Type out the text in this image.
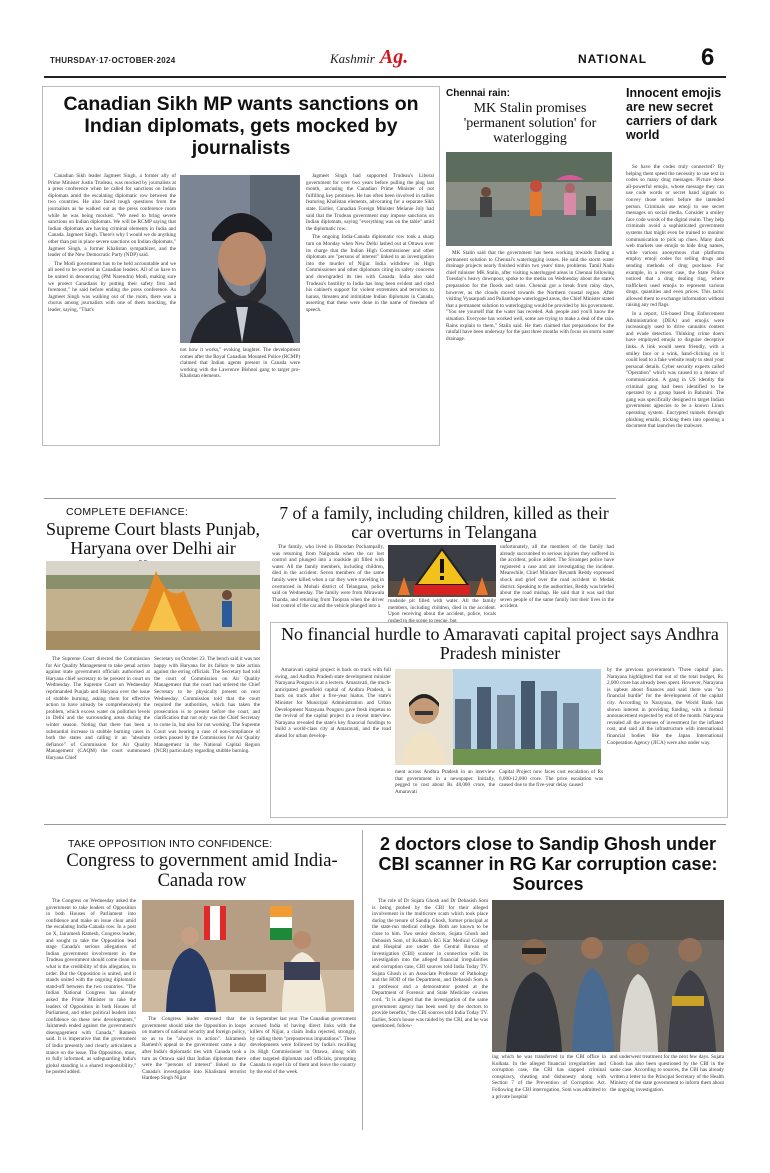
THURSDAY·17·OCTOBER·2024	Kashmir Ag.	NATIONAL 6
Canadian Sikh MP wants sanctions on Indian diplomats, gets mocked by journalists

Canadian Sikh leader Jagmeet Singh, a former ally of Prime Minister Justin Trudeau, was mocked by journalists at a press conference when he called for sanctions on Indian diplomats amid the escalating diplomatic row between the two countries. He also faced tough questions from the journalists as he walked out as the press conference room while he was being mocked. "We need to bring severe sanctions on Indian diplomats. We will be RCMP saying that Indian diplomats are having criminal elements in India and Canada. Jagmeet Singh. There's why I would we do anything other than put in place severe sanctions on Indian diplomats," Jagmeet Singh, a former Khalistan sympathizer, and the leader of the New Democratic Party (NDP) said.

The Modi government has to be held accountable and we all need to be worried as Canadian leaders. All of us have to be united in denouncing (PM Narendra) Modi, making sure we protect Canadians by putting their safety first and foremost," he said before ending the press conference. As Jagmeet Singh was walking out of the room, there was a chorus among journalists with one of them mocking, the leader, saying, "That's

not how it works," evoking laughter. The development comes after the Royal Canadian Mounted Police (RCMP) claimed that Indian agents present in Canada were working with the Lawrence Bishnoi gang to target pro-Khalistan elements.

Jagmeet Singh had supported Trudeau's Liberal government for over two years before pulling the plug last month, accusing the Canadian Prime Minister of not fulfilling key promises. He has often been involved in rallies featuring Khalistan elements, advocating for a separate Sikh state. Earlier, Canadian Foreign Minister Melanie Joly had said that the Trudeau government may impose sanctions on Indian diplomats, saying "everything was on the table" amid the diplomatic row.

The ongoing India-Canada diplomatic row took a sharp turn on Monday when New Delhi lashed out at Ottawa over its charge that the Indian High Commissioner and other diplomats are "persons of interest" linked to an investigation into the murder of Nijjar. India withdrew its High Commissioner and other diplomats citing its safety concerns and downgraded its ties with Canada. India also said Trudeau's hostility to India has long been evident and cited his cabinet's support for violent extremists and terrorists to harass, threaten and intimidate Indian diplomats in Canada, asserting that these were done in the name of freedom of speech.

Chennai rain:
MK Stalin promises 'permanent solution' for waterlogging

MK Stalin said that the government has been working towards finding a permanent solution to Chennai's waterlogging issues. He said the storm water drainage projects nearly finished within two years' time, problems. Tamil Nadu chief minister MK Stalin, after visiting waterlogged areas in Chennai following Tuesday's heavy downpour, spoke to the media on Wednesday about the state's preparation for the floods and rains. Chennai got a break from rainy days, however, as the clouds moved towards the Northern coastal region. After visiting Vyasarpadi and Pulianthope waterlogged areas, the Chief Minister stated that a permanent solution to waterlogging would be provided by his government. "You see yourself that the water has receded. Ask people and you'll know the situation. Everyone has worked well, some are trying to make a deal of the rain. Rains explain to them," Stalin said. He then claimed that preparations for the rainfall have been underway for the past three months with focus on storm water drainage.

Innocent emojis are new secret carriers of dark world

So have the codes truly connected? By helping them speed the necessity to use text in codes so many drug messages. Picture these all-powerful emojis, whose message they can use code words or secret hand signals to convey those orders before the intended person. Criminals use emoji to use secret messages on social media. Consider a smiley face code words of the digital realm. They help criminals avoid a sophisticated government systems that might even be trained to monitor communication to pick up clues. Many dark web markets use emojis to hide drug names, while various anonymous chat platforms employ emoji codes for selling drugs and sending methods of drug purchase. For example, in a recent case, the State Police noticed that a drug dealing ring, where traffickers used emojis to represent various drugs, quantities and even prices. This tactic allowed them to exchange information without raising any red flags.

In a report, US-based Drug Enforcement Administration (DEA) and emojis were increasingly used to drive cannabis content and evade detection. Thinking crime doers have employed emojis to disguise deceptive links. A link would seem friendly, with a smiley face or a wink, hand-clicking on it could lead to a fake website ready to steal your personal details. Cyber security experts called "Operation" which was caused to a means of communication. A gang in US identity the criminal gang had been identified to be operated by a group based in Bahraini. The gang was specifically designed to target Indian government agencies to be a known Linux operating system. Encrypted tunnels through phishing emails, tricking them into opening a document that launches the malware.

COMPLETE DEFIANCE:
Supreme Court blasts Punjab, Haryana over Delhi air

The Supreme Court directed the Commission for Air Quality Management to take penal action against state government officials authorised at Haryana chief secretary to be present in court on Wednesday. The Supreme Court on Wednesday reprimanded Punjab and Haryana over the issue of stubble burning, asking them for effective action to have already be comprehensively the problem, which excess water on pollution levels in Delhi and the surrounding areas during the winter season. Noting that there has been a substantial increase in stubble burning cases in both the states and calling it an "absolute defiance" of Commission for Air Quality Management (CAQM) the court summoned Haryana Chief

Secretary on October 23. The bench said it was not happy with Haryana for its failure to take action against the erring officials. The Secretary had told the court of Commission on Air Quality Management that the court had ordered the Chief Secretary to be physically present on next Wednesday. Commission told that the court required the authorities, which has taken the prosecution is to present before the court, and clarification that not only was the Chief Secretary to come in, but also for not working. The Supreme Court was hearing a case of non-compliance of orders passed by the Commission for Air Quality Management in the National Capital Region (NCR) particularly regarding stubble burning.

7 of a family, including children, killed as their car overturns in Telangana

The family, who lived in Bhoodan Pochampally, was returning from Nalgonda when the car lost control and plunged into a roadside pit filled with water. All the family members, including children, died in the accident. Seven members of the same family were killed when a car they were travelling in overturned in Mohali district of Telangana, police said on Wednesday. The family were from Mirawala Thanda, and returning from Toopran when the driver lost control of the car and the vehicle plunged into a

roadside pit filled with water. All the family members, including children, died in the accident. Upon receiving about the accident, police, locals rushed to the scene to rescue, but

unfortunately, all the members of the family had already succumbed to serious injuries they suffered in the accident, police added. The Sivampet police have registered a case and are investigating the incident. Meanwhile, Chief Minister Revanth Reddy expressed shock and grief over the road accident in Medak district. Speaking to the authorities, Reddy was briefed about the road mishap. He said that it was sad that seven people of the same family lost their lives in the accident.

No financial hurdle to Amaravati capital project says Andhra Pradesh minister

Amaravati capital project is back on track with full swing, and Andhra Pradesh state development minister Narayana Ponguru is at a lectern. Amaravati, the much-anticipated greenfield capital of Andhra Pradesh, is back on track after a five-year hiatus. The state's Minister for Municipal Administration and Urban Development Narayana Ponguru gave fresh impetus to the revival of the capital project in a recent interview. Narayana revealed the state's key financial fundings to build a world-class city at Amaravati, and the road ahead for urban develop-

ment across Andhra Pradesh in an interview that government in a newspaper. Initially, pegged to cost about Rs 48,000 crore, the Amaravati

Capital Project now faces cost escalation of Rs 6,000-12,000 crore. The price escalation was caused due to the five-year delay caused

by the previous government's 'Three capital' plan. Narayana highlighted that out of the total budget, Rs 2,000 crore has already been spent. However, Narayana is upbeat about finances and said there was "no financial hurdle" for the development of the capital city. According to Narayana, the World Bank has shown interest in providing funding, with a formal announcement expected by end of the month. Narayana revealed all the avenues of investment for the inflated cost, and said all the infrastructure with international financial bodies like the Japan International Cooperation Agency (JICA) were also under way.

TAKE OPPOSITION INTO CONFIDENCE:
Congress to government amid India-Canada row

The Congress on Wednesday asked the government to take leaders of Opposition in both Houses of Parliament into confidence and make an issue clear amid the escalating India-Canada row. In a post on X, Jairamesh Ramesh, Congress leader, and sought to take the Opposition lead stage Canada's serious allegations of Indian government involvement in the Trudeau government should come clean on what is the credibility of this allegation, in order. But the Opposition is united, and it stands united with the ongoing diplomatic stand-off between the two countries. "The Indian National Congress has already asked the Prime Minister to take the leaders of Opposition in both Houses of Parliament, and other political leaders into confidence on these new developments," Jairamesh ended against the government's disengagement with Canada," Ramesh said. It is imperative that the government of India presently and clearly articulates a stance on the issue. The Opposition, must, to fully informed, as safeguarding India's global standing is a shared responsibility," he posted added.

The Congress leader stressed that the government should take the Opposition in loops on matters of national security and foreign policy, so as to be "always in action". Jairamesh Ramesh's appeal to the government came a day after India's diplomatic ties with Canada took a turn as Ottawa said that Indian diplomats there were the "persons of interest" linked to the Canada's investigation into Khalistani terrorist Hardeep Singh Nijjar

in September last year. The Canadian government accused India of having direct links with the killers of Nijjar, a claim India rejected, strongly, by calling them "preposterous imputations". These developments were followed by India's recalling its High Commissioner in Ottawa, along with other targeted diplomats and officials, prompting Canada to expel six of them and leave the country by the end of the week.

2 doctors close to Sandip Ghosh under CBI scanner in RG Kar corruption case: Sources

The role of Dr Sujata Ghosh and Dr Debasish Som is being probed by the CBI for their alleged involvement in the multicrore scam which took place during the tenure of Sandip Ghosh, former principal at the state-run medical college. Both are known to be close to him. Two senior doctors, Sujata Ghosh and Debasish Som, of Kolkata's RG Kar Medical College and Hospital are under the Central Bureau of Investigation (CBI) scanner in connection with its investigation into the alleged financial irregularities and corruption case, CBI sources told India Today TV. Sujata Ghosh is an Associate Professor of Pathology and the HOD of the Department, and Debasish Som is a professor and a demonstrator posted at the Department of Forensic and State Medicine courses cord. "It is alleged that the investigation of the same government agency has been used by the doctors to provide benefits," the CBI sources told India Today TV. Earlier, Som's house was raided by the CBI, and he was questioned, follow-

ing which he was transferred to the CBI office in Kolkata. In the alleged financial irregularities and corruption case, the CBI has slapped criminal conspiracy, cheating and dishonesty along with Section 7 of the Prevention of Corruption Act. Following the CBI interrogation, Som was admitted to a private hospital

and underwent treatment for the next few days. Sujata Ghosh has also been questioned by the CBI in the same case. According to sources, the CBI has already written a letter to the Principal Secretary of the Health Ministry of the state government to inform them about the ongoing investigation.
